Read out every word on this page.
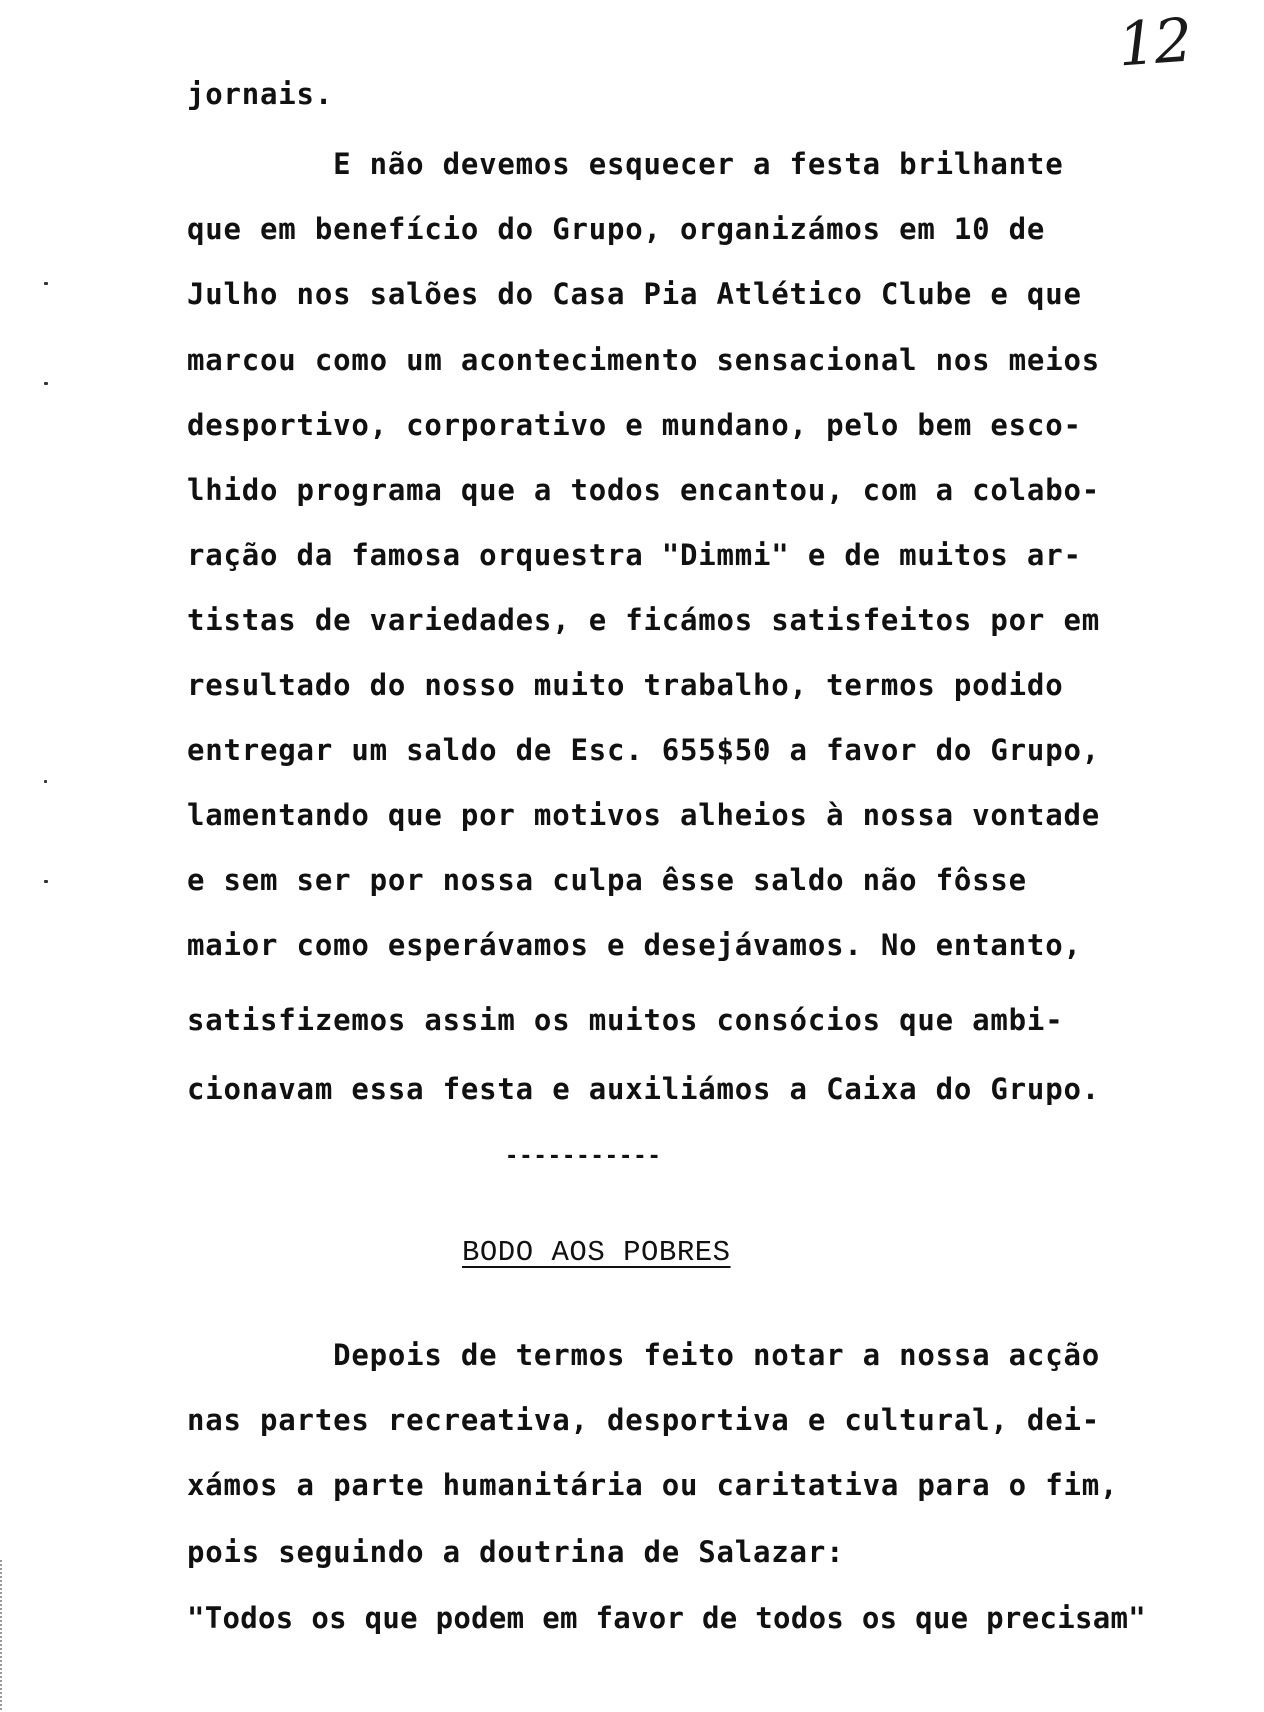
12
jornais.
E não devemos esquecer a festa brilhante
que em benefício do Grupo, organizámos em 10 de
Julho nos salões do Casa Pia Atlético Clube e que
marcou como um acontecimento sensacional nos meios
desportivo, corporativo e mundano, pelo bem esco-
lhido programa que a todos encantou, com a colabo-
ração da famosa orquestra "Dimmi" e de muitos ar-
tistas de variedades, e ficámos satisfeitos por em
resultado do nosso muito trabalho, termos podido
entregar um saldo de Esc. 655$50 a favor do Grupo,
lamentando que por motivos alheios à nossa vontade
e sem ser por nossa culpa êsse saldo não fôsse
maior como esperávamos e desejávamos. No entanto,
satisfizemos assim os muitos consócios que ambi-
cionavam essa festa e auxiliámos a Caixa do Grupo.
-----------
BODO AOS POBRES
Depois de termos feito notar a nossa acção
nas partes recreativa, desportiva e cultural, dei-
xámos a parte humanitária ou caritativa para o fim,
pois seguindo a doutrina de Salazar:
"Todos os que podem em favor de todos os que precisam"
